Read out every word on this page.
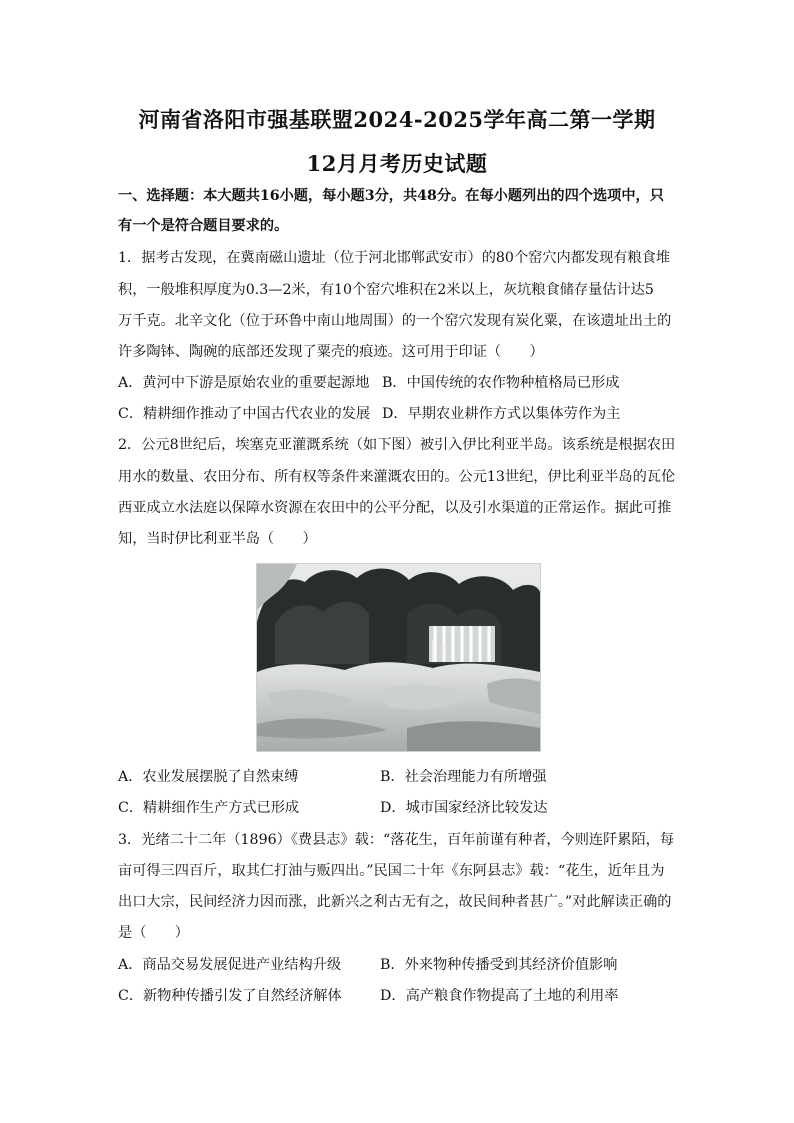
河南省洛阳市强基联盟2024-2025学年高二第一学期
12月月考历史试题
一、选择题：本大题共16小题，每小题3分，共48分。在每小题列出的四个选项中，只
有一个是符合题目要求的。
1．据考古发现，在冀南磁山遗址（位于河北邯郸武安市）的80个窑穴内都发现有粮食堆
积，一般堆积厚度为0.3—2米，有10个窑穴堆积在2米以上，灰坑粮食储存量估计达5
万千克。北辛文化（位于环鲁中南山地周围）的一个窑穴发现有炭化粟，在该遗址出土的
许多陶钵、陶碗的底部还发现了粟壳的痕迹。这可用于印证（　　）
A．黄河中下游是原始农业的重要起源地 B．中国传统的农作物种植格局已形成
C．精耕细作推动了中国古代农业的发展 D．早期农业耕作方式以集体劳作为主
2．公元8世纪后，埃塞克亚灌溉系统（如下图）被引入伊比利亚半岛。该系统是根据农田
用水的数量、农田分布、所有权等条件来灌溉农田的。公元13世纪，伊比利亚半岛的瓦伦
西亚成立水法庭以保障水资源在农田中的公平分配，以及引水渠道的正常运作。据此可推
知，当时伊比利亚半岛（　　）
A．农业发展摆脱了自然束缚	B．社会治理能力有所增强
C．精耕细作生产方式已形成	D．城市国家经济比较发达
3．光绪二十二年（1896）《费县志》载：“落花生，百年前谨有种者，今则连阡累陌，每
亩可得三四百斤，取其仁打油与贩四出。”民国二十年《东阿县志》载：“花生，近年且为
出口大宗，民间经济力因而涨，此新兴之利古无有之，故民间种者甚广。”对此解读正确的
是（　　）
A．商品交易发展促进产业结构升级	B．外来物种传播受到其经济价值影响
C．新物种传播引发了自然经济解体	D．高产粮食作物提高了土地的利用率
